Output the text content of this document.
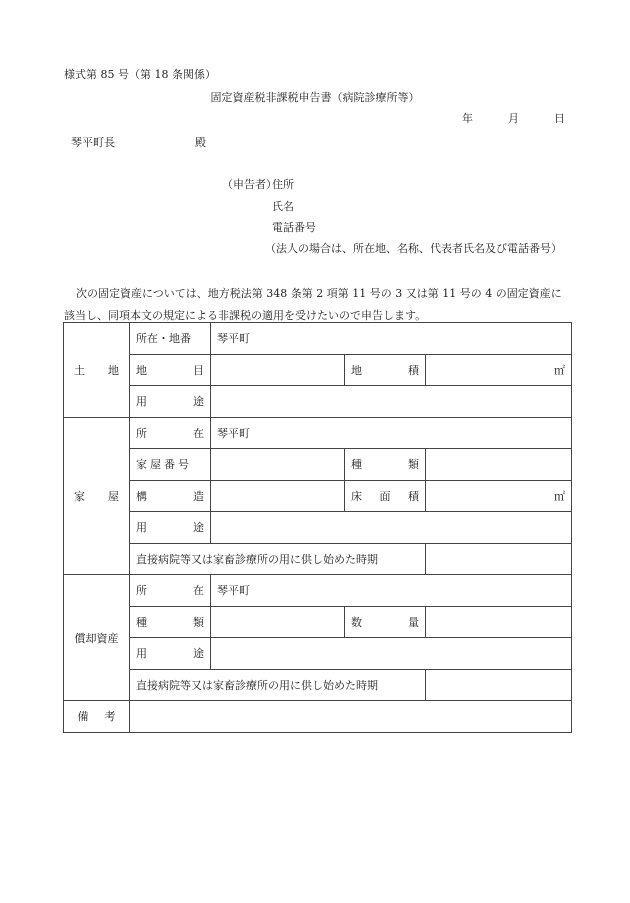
様式第 85 号（第 18 条関係）
固定資産税非課税申告書（病院診療所等）
年	月	日
琴平町長	殿
（申告者）
住所
氏名
電話番号
（法人の場合は、所在地、名称、代表者氏名及び電話番号）
次の固定資産については、地方税法第 348 条第 2 項第 11 号の 3 又は第 11 号の 4 の固定資産に該当し、同項本文の規定による非課税の適用を受けたいので申告します。
土 地	所在・地番	琴平町		

	地 目		地 積	㎡

	用 途			

家 屋	所 在	琴平町		
	家屋番号		種 類	

	構 造		床 面 積	㎡

	用 途			

	直接病院等又は家畜診療所の用に供し始めた時期			
償却資産	所 在	琴平町		

	種 類		数 量	

	用 途			

	直接病院等又は家畜診療所の用に供し始めた時期			

備 考				
